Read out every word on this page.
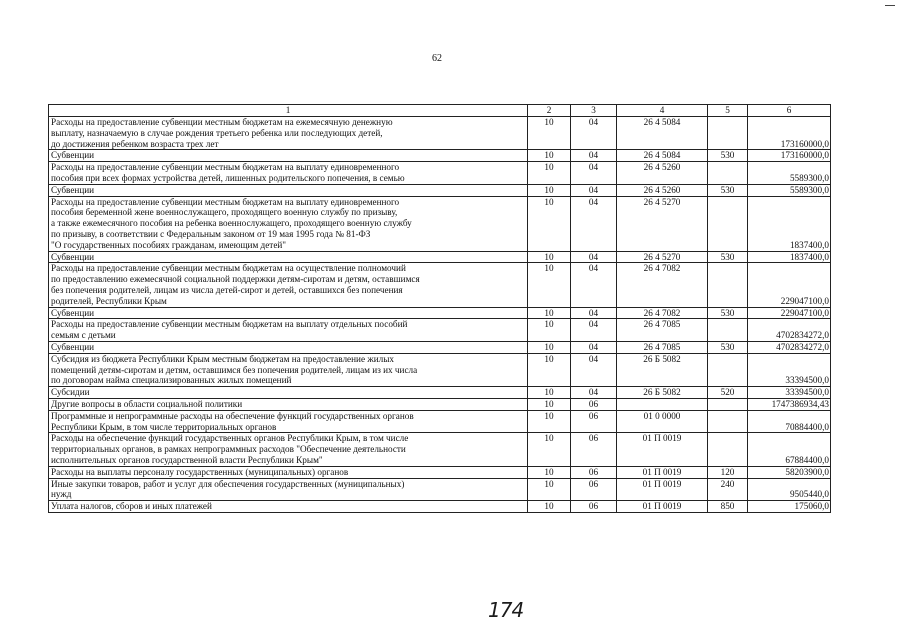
62
1	2	3	4	5	6

Расходы на предоставление субвенции местным бюджетам на ежемесячную денежную
выплату, назначаемую в случае рождения третьего ребенка или последующих детей,
до достижения ребенком возраста трех лет	10	04	26 4 5084		173160000,0

Субвенции	10	04	26 4 5084	530	173160000,0

Расходы на предоставление субвенции местным бюджетам на выплату единовременного
пособия при всех формах устройства детей, лишенных родительского попечения, в семью	10	04	26 4 5260		5589300,0

Субвенции	10	04	26 4 5260	530	5589300,0

Расходы на предоставление субвенции местным бюджетам на выплату единовременного
пособия беременной жене военнослужащего, проходящего военную службу по призыву,
а также ежемесячного пособия на ребенка военнослужащего, проходящего военную службу
по призыву, в соответствии с Федеральным законом от 19 мая 1995 года № 81-ФЗ
"О государственных пособиях гражданам, имеющим детей"	10	04	26 4 5270		1837400,0

Субвенции	10	04	26 4 5270	530	1837400,0

Расходы на предоставление субвенции местным бюджетам на осуществление полномочий
по предоставлению ежемесячной социальной поддержки детям-сиротам и детям, оставшимся
без попечения родителей, лицам из числа детей-сирот и детей, оставшихся без попечения
родителей, Республики Крым	10	04	26 4 7082		229047100,0

Субвенции	10	04	26 4 7082	530	229047100,0

Расходы на предоставление субвенции местным бюджетам на выплату отдельных пособий
семьям с детьми	10	04	26 4 7085		4702834272,0

Субвенции	10	04	26 4 7085	530	4702834272,0

Субсидия из бюджета Республики Крым местным бюджетам на предоставление жилых
помещений детям-сиротам и детям, оставшимся без попечения родителей, лицам из их числа
по договорам найма специализированных жилых помещений	10	04	26 Б 5082		33394500,0

Субсидии	10	04	26 Б 5082	520	33394500,0

Другие вопросы в области социальной политики	10	06			1747386934,43

Программные и непрограммные расходы на обеспечение функций государственных органов
Республики Крым, в том числе территориальных органов	10	06	01 0 0000		70884400,0

Расходы на обеспечение функций государственных органов Республики Крым, в том числе
территориальных органов, в рамках непрограммных расходов "Обеспечение деятельности
исполнительных органов государственной власти Республики Крым"	10	06	01 П 0019		67884400,0

Расходы на выплаты персоналу государственных (муниципальных) органов	10	06	01 П 0019	120	58203900,0

Иные закупки товаров, работ и услуг для обеспечения государственных (муниципальных)
нужд	10	06	01 П 0019	240	9505440,0

Уплата налогов, сборов и иных платежей	10	06	01 П 0019	850	175060,0
174
